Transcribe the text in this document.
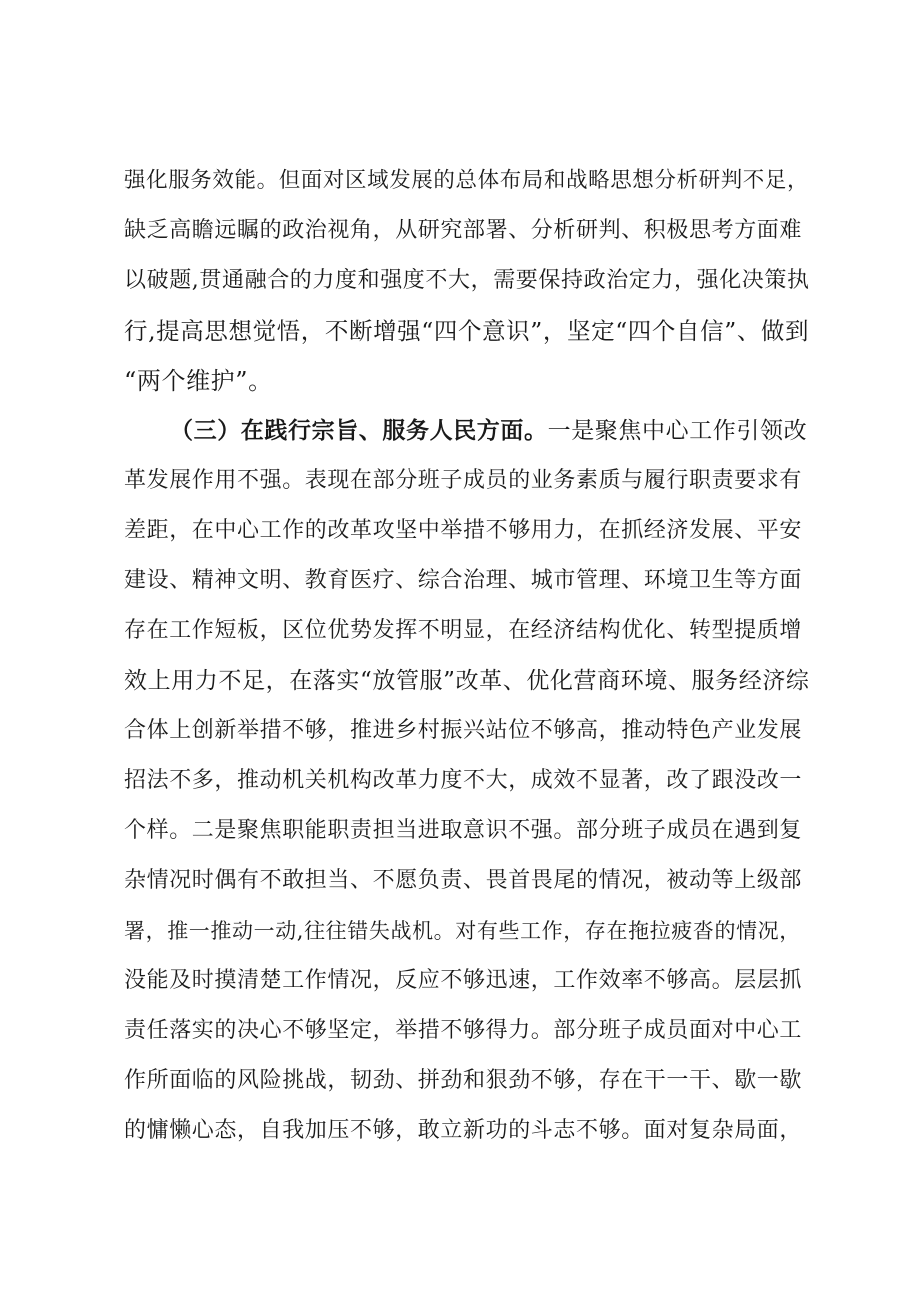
强化服务效能。但面对区域发展的总体布局和战略思想分析研判不足，
缺乏高瞻远瞩的政治视角，从研究部署、分析研判、积极思考方面难
以破题,贯通融合的力度和强度不大，需要保持政治定力，强化决策执
行,提高思想觉悟，不断增强“四个意识”，坚定“四个自信”、做到
“两个维护”。
（三）在践行宗旨、服务人民方面。一是聚焦中心工作引领改
革发展作用不强。表现在部分班子成员的业务素质与履行职责要求有
差距，在中心工作的改革攻坚中举措不够用力，在抓经济发展、平安
建设、精神文明、教育医疗、综合治理、城市管理、环境卫生等方面
存在工作短板，区位优势发挥不明显，在经济结构优化、转型提质增
效上用力不足，在落实“放管服”改革、优化营商环境、服务经济综
合体上创新举措不够，推进乡村振兴站位不够高，推动特色产业发展
招法不多，推动机关机构改革力度不大，成效不显著，改了跟没改一
个样。二是聚焦职能职责担当进取意识不强。部分班子成员在遇到复
杂情况时偶有不敢担当、不愿负责、畏首畏尾的情况，被动等上级部
署，推一推动一动,往往错失战机。对有些工作，存在拖拉疲沓的情况，
没能及时摸清楚工作情况，反应不够迅速，工作效率不够高。层层抓
责任落实的决心不够坚定，举措不够得力。部分班子成员面对中心工
作所面临的风险挑战，韧劲、拼劲和狠劲不够，存在干一干、歇一歇
的慵懒心态，自我加压不够，敢立新功的斗志不够。面对复杂局面，
